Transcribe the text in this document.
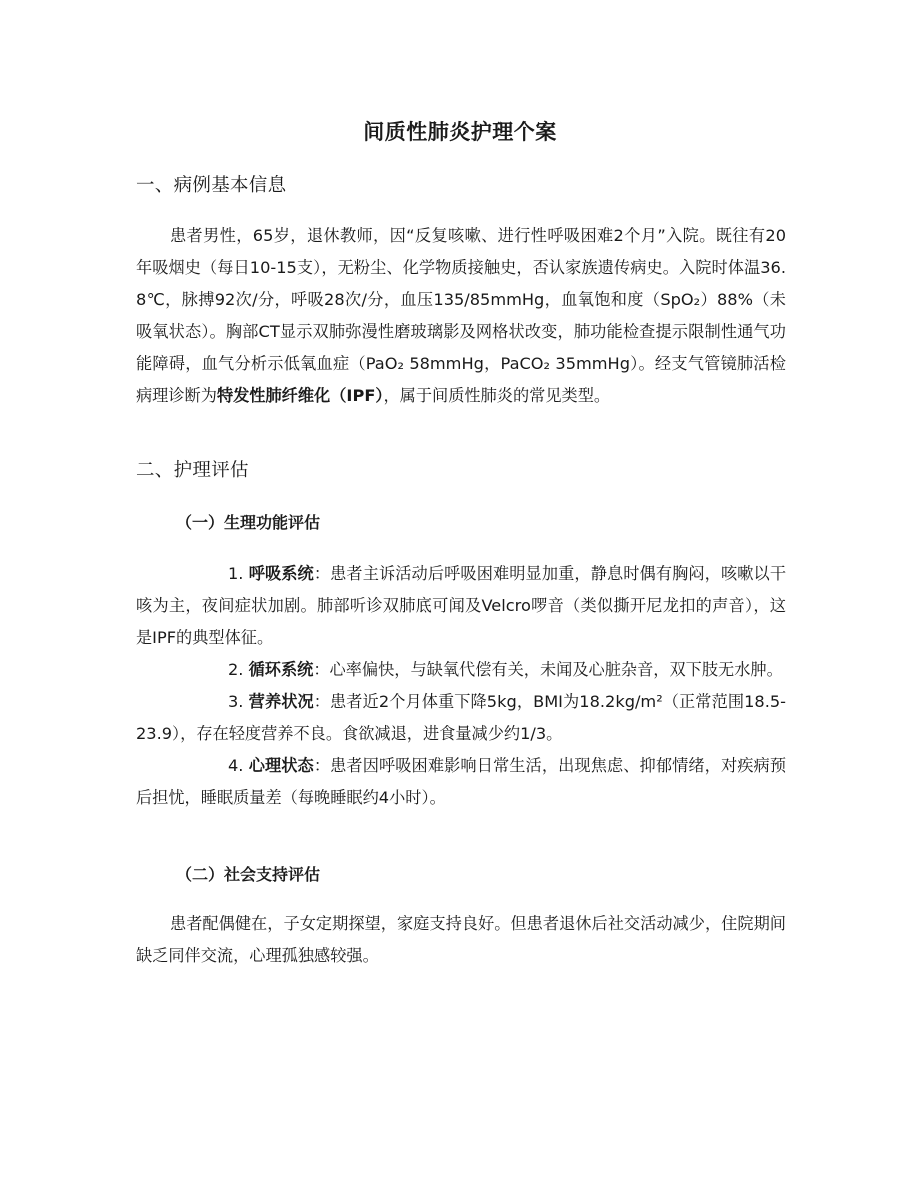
间质性肺炎护理个案
一、病例基本信息

患者男性，65岁，退休教师，因“反复咳嗽、进行性呼吸困难2个月”入院。既往有20年吸烟史（每日10-15支），无粉尘、化学物质接触史，否认家族遗传病史。入院时体温36.8℃，脉搏92次/分，呼吸28次/分，血压135/85mmHg，血氧饱和度（SpO₂）88%（未吸氧状态）。胸部CT显示双肺弥漫性磨玻璃影及网格状改变，肺功能检查提示限制性通气功能障碍，血气分析示低氧血症（PaO₂ 58mmHg，PaCO₂ 35mmHg）。经支气管镜肺活检病理诊断为特发性肺纤维化（IPF），属于间质性肺炎的常见类型。

二、护理评估
（一）生理功能评估

1. 呼吸系统：患者主诉活动后呼吸困难明显加重，静息时偶有胸闷，咳嗽以干咳为主，夜间症状加剧。肺部听诊双肺底可闻及Velcro啰音（类似撕开尼龙扣的声音），这是IPF的典型体征。

2. 循环系统：心率偏快，与缺氧代偿有关，未闻及心脏杂音，双下肢无水肿。

3. 营养状况：患者近2个月体重下降5kg，BMI为18.2kg/m²（正常范围18.5-23.9），存在轻度营养不良。食欲减退，进食量减少约1/3。

4. 心理状态：患者因呼吸困难影响日常生活，出现焦虑、抑郁情绪，对疾病预后担忧，睡眠质量差（每晚睡眠约4小时）。

（二）社会支持评估

患者配偶健在，子女定期探望，家庭支持良好。但患者退休后社交活动减少，住院期间缺乏同伴交流，心理孤独感较强。
